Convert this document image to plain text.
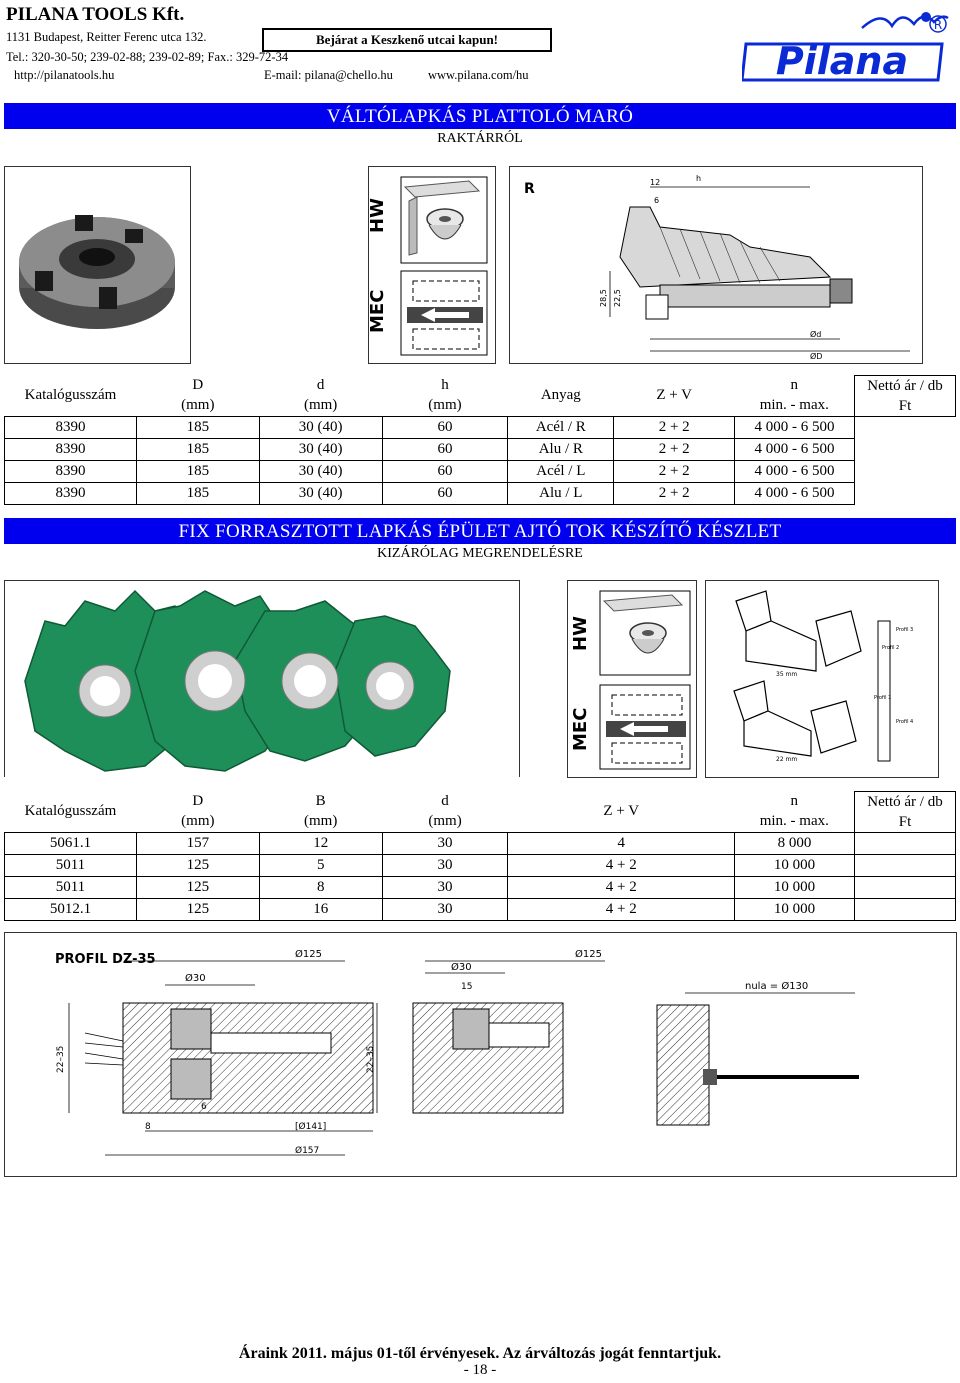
PILANA TOOLS Kft.
1131 Budapest, Reitter Ferenc utca 132.
Tel.: 320-30-50; 239-02-88; 239-02-89; Fax.: 329-72-34
http://pilanatools.hu	E-mail: pilana@chello.hu	www.pilana.com/hu
Bejárat a Keszkenő utcai kapun!	Pilana
R
VÁLTÓLAPKÁS PLATTOLÓ MARÓ
RAKTÁRRÓL
HW
MEC
R	12
6
h
28,5 22,5
Ød
ØD
Katalógusszám	D	d	h	Anyag	Z + V	n	Nettó ár / db
Ft

	(mm)	(mm)	(mm)			min. - max.	
8390	185	30 (40)	60	Acél / R	2 + 2	4 000 - 6 500	
8390	185	30 (40)	60	Alu / R	2 + 2	4 000 - 6 500	
8390	185	30 (40)	60	Acél / L	2 + 2	4 000 - 6 500	
8390	185	30 (40)	60	Alu / L	2 + 2	4 000 - 6 500	
FIX FORRASZTOTT LAPKÁS ÉPÜLET AJTÓ TOK KÉSZÍTŐ KÉSZLET
KIZÁRÓLAG MEGRENDELÉSRE
HW
MEC
35 mm
22 mm
Profil 3
Profil 2
Profil 1
Profil 4
Katalógusszám	D	B	d	Z + V	n	Nettó ár / db
Ft

	(mm)	(mm)	(mm)		min. - max.	
5061.1	157	12	30	4	8 000	
5011	125	5	30	4 + 2	10 000	
5011	125	8	30	4 + 2	10 000	
5012.1	125	16	30	4 + 2	10 000	
PROFIL DZ-35	Ø125
Ø30
22–35
8
6
[Ø141]
Ø157
Ø125
Ø30
15
22–35
nula = Ø130
Áraink 2011. május 01-től érvényesek. Az árváltozás jogát fenntartjuk.
- 18 -
